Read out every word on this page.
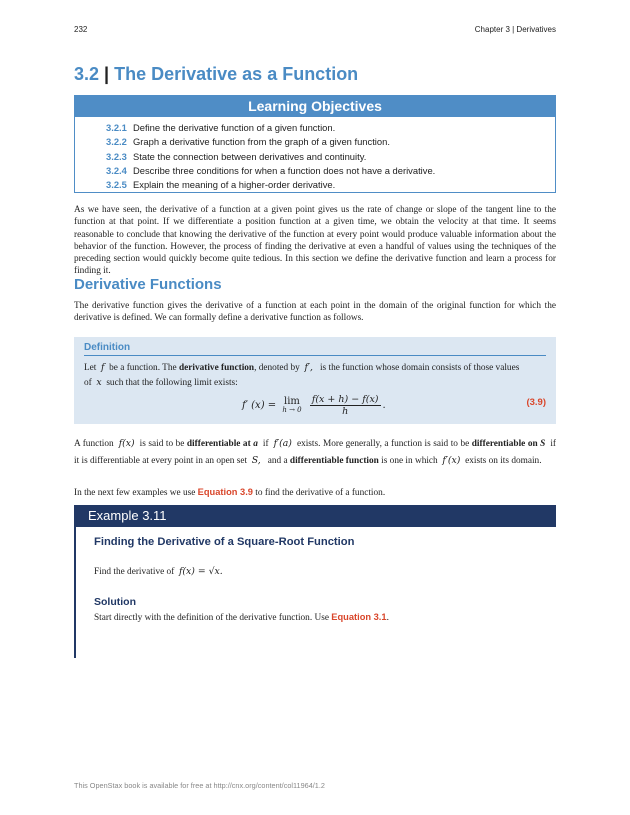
232	Chapter 3 | Derivatives
3.2 | The Derivative as a Function
Learning Objectives
3.2.1 Define the derivative function of a given function.
3.2.2 Graph a derivative function from the graph of a given function.
3.2.3 State the connection between derivatives and continuity.
3.2.4 Describe three conditions for when a function does not have a derivative.
3.2.5 Explain the meaning of a higher-order derivative.

As we have seen, the derivative of a function at a given point gives us the rate of change or slope of the tangent line to the function at that point. If we differentiate a position function at a given time, we obtain the velocity at that time. It seems reasonable to conclude that knowing the derivative of the function at every point would produce valuable information about the behavior of the function. However, the process of finding the derivative at even a handful of values using the techniques of the preceding section would quickly become quite tedious. In this section we define the derivative function and learn a process for finding it.

Derivative Functions

The derivative function gives the derivative of a function at each point in the domain of the original function for which the derivative is defined. We can formally define a derivative function as follows.

Definition
Let f be a function. The derivative function, denoted by f′, is the function whose domain consists of those values
of x such that the following limit exists:
f′ (x) = lim
h → 0
$\frac{f(x + h) - f(x)}{h}$ .	(3.9)

A function f(x) is said to be differentiable at a if f′(a) exists. More generally, a function is said to be differentiable on S if it is differentiable at every point in an open set S, and a differentiable function is one in which f′(x) exists on its domain.

In the next few examples we use Equation 3.9 to find the derivative of a function.

Example 3.11
Finding the Derivative of a Square-Root Function
Find the derivative of f(x) = √x.
Solution
Start directly with the definition of the derivative function. Use Equation 3.1.
This OpenStax book is available for free at http://cnx.org/content/col11964/1.2
